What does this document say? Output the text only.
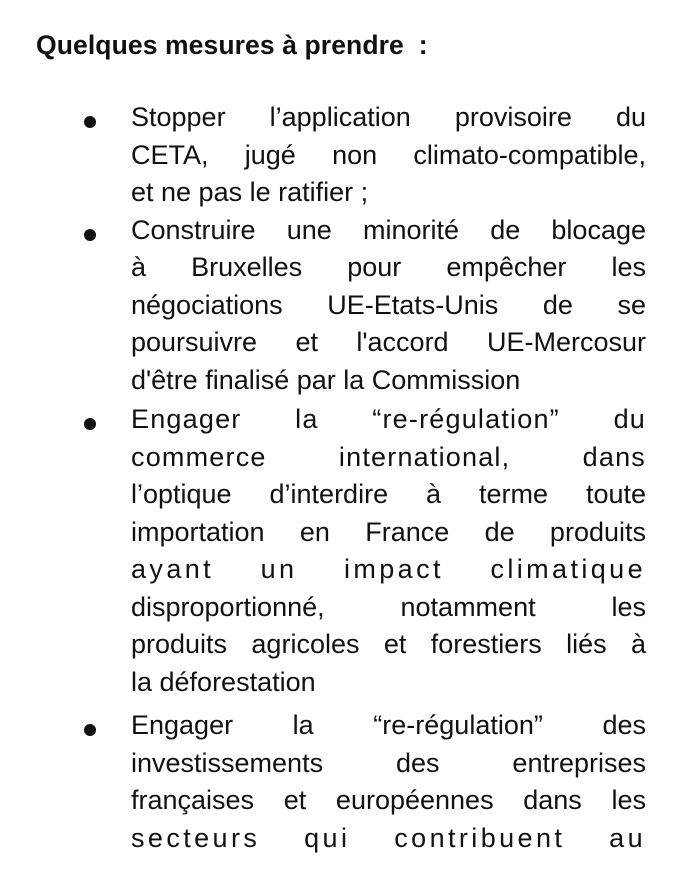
Quelques mesures à prendre  :
Stopper l’application provisoire du
CETA, jugé non climato-compatible,
et ne pas le ratifier ;
Construire une minorité de blocage
à Bruxelles pour empêcher les
négociations UE-Etats-Unis de se
poursuivre et l'accord UE-Mercosur
d'être finalisé par la Commission
Engager la “re-régulation” du
commerce international, dans
l’optique d’interdire à terme toute
importation en France de produits
ayant un impact climatique
disproportionné, notamment les
produits agricoles et forestiers liés à
la déforestation
Engager la “re-régulation” des
investissements des entreprises
françaises et européennes dans les
secteurs qui contribuent au
